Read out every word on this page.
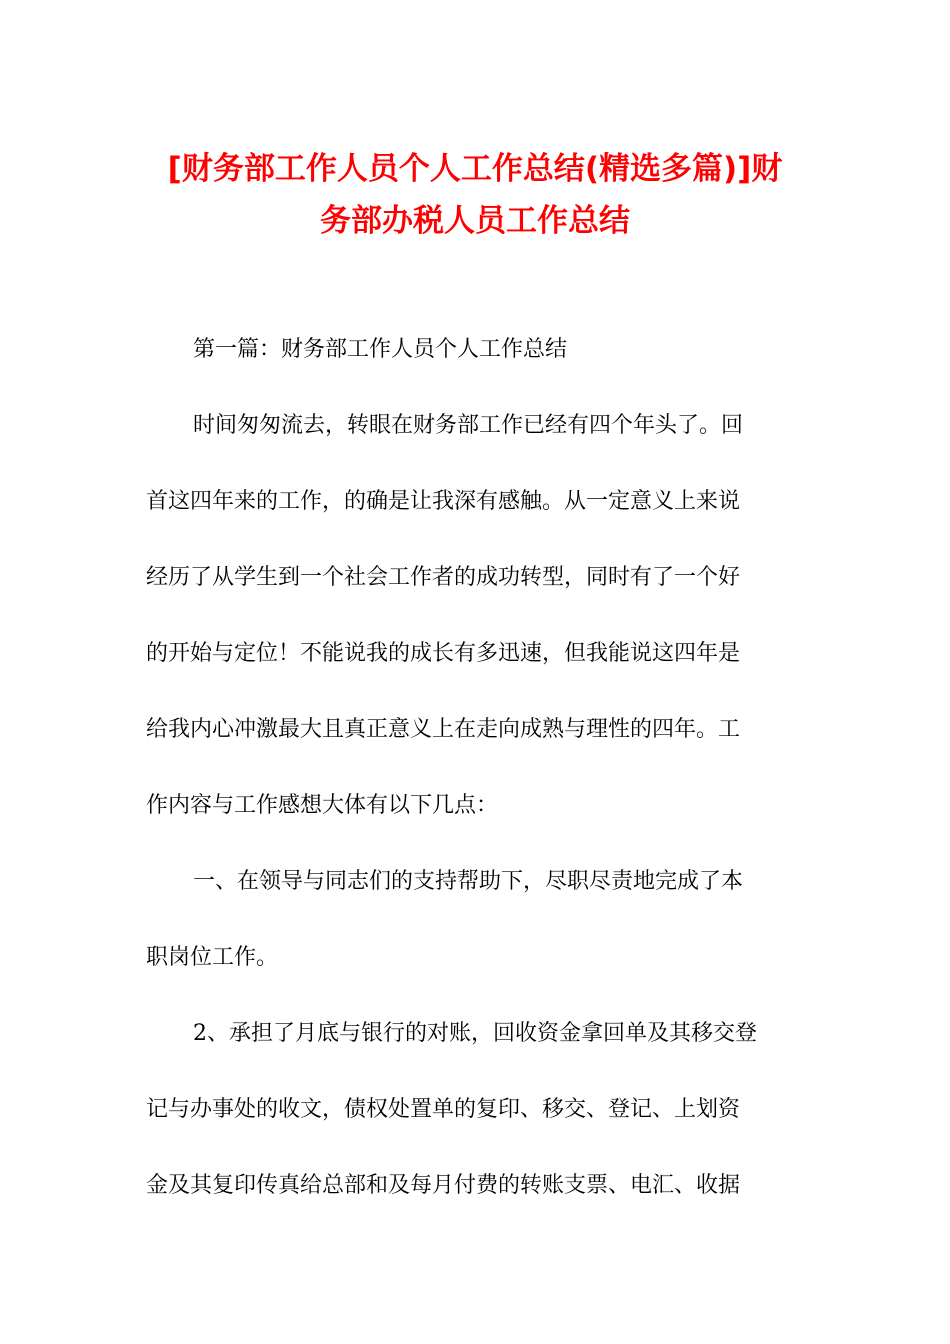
[财务部工作人员个人工作总结(精选多篇)]财
务部办税人员工作总结
第一篇：财务部工作人员个人工作总结
时间匆匆流去，转眼在财务部工作已经有四个年头了。回
首这四年来的工作，的确是让我深有感触。从一定意义上来说
经历了从学生到一个社会工作者的成功转型，同时有了一个好
的开始与定位！不能说我的成长有多迅速，但我能说这四年是
给我内心冲激最大且真正意义上在走向成熟与理性的四年。工
作内容与工作感想大体有以下几点：
一、在领导与同志们的支持帮助下，尽职尽责地完成了本
职岗位工作。
2、承担了月底与银行的对账，回收资金拿回单及其移交登
记与办事处的收文，债权处置单的复印、移交、登记、上划资
金及其复印传真给总部和及每月付费的转账支票、电汇、收据
